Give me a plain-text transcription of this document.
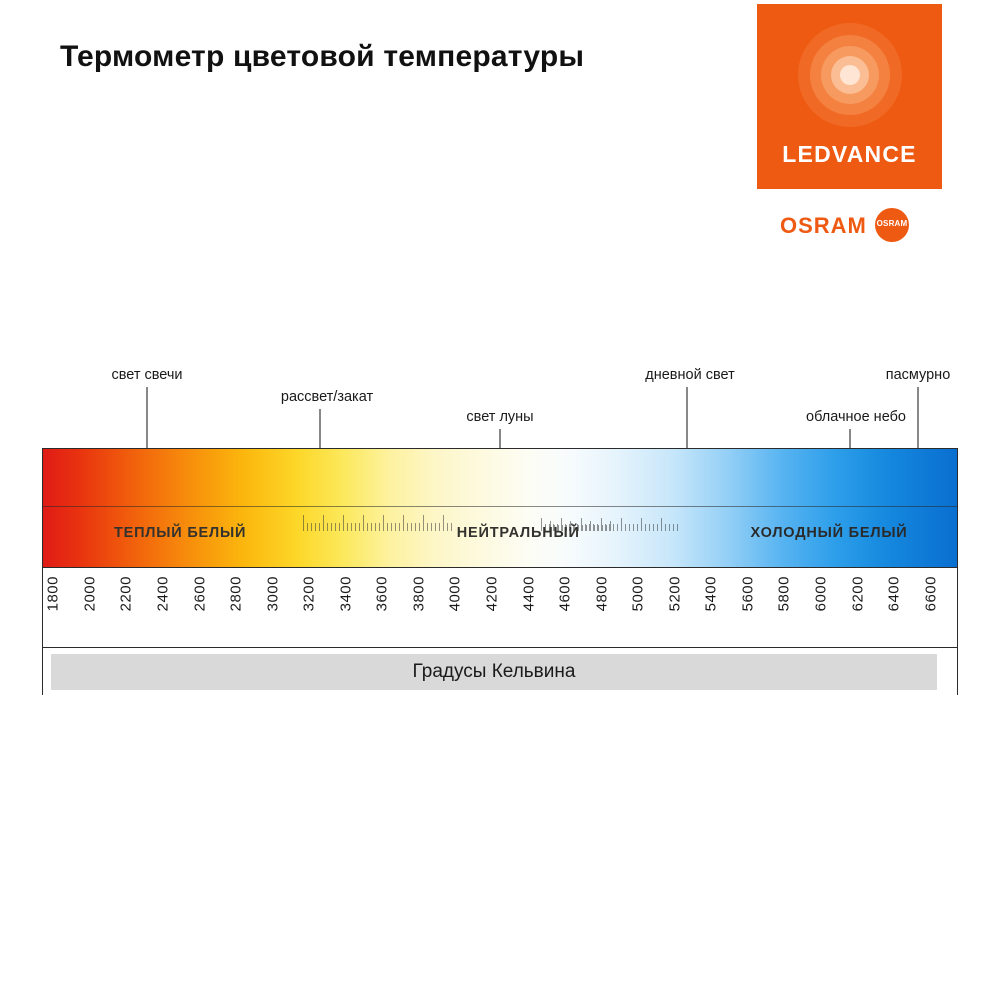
Термометр цветовой температуры
LEDVANCE
OSRAM OSRAM
свет свечи
рассвет/закат
свет луны
дневной свет
облачное небо
пасмурно
ТЕПЛЫЙ БЕЛЫЙ	НЕЙТРАЛЬНЫЙ	ХОЛОДНЫЙ БЕЛЫЙ
1800 2000 2200 2400 2600 2800 3000 3200 3400 3600 3800 4000 4200 4400 4600 4800 5000 5200 5400 5600 5800 6000 6200 6400 6600
Градусы Кельвина
